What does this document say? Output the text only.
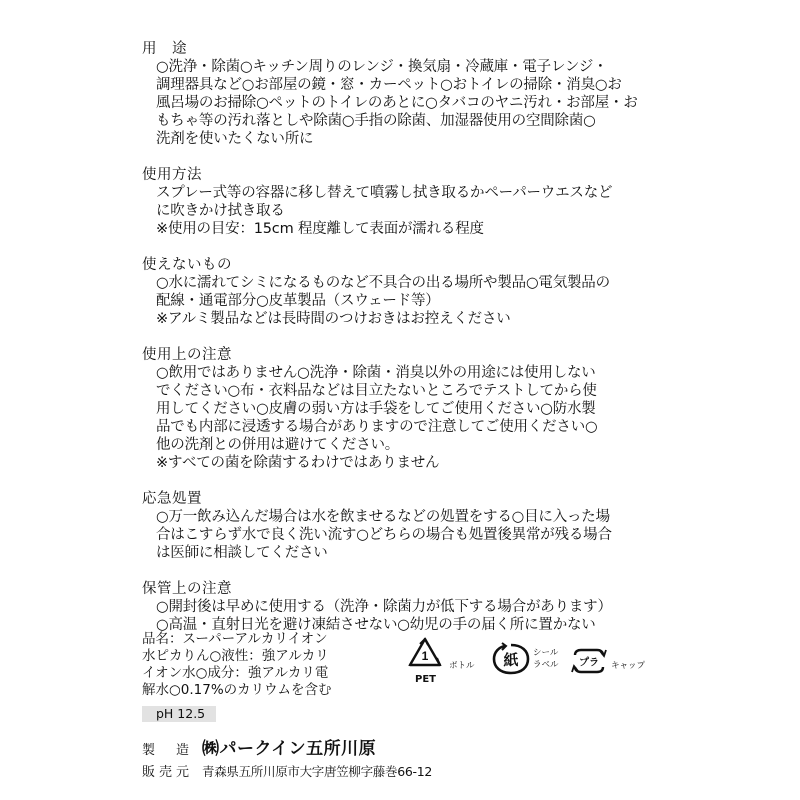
用　途
○洗浄・除菌○キッチン周りのレンジ・換気扇・冷蔵庫・電子レンジ・
調理器具など○お部屋の鏡・窓・カーペット○おトイレの掃除・消臭○お
風呂場のお掃除○ペットのトイレのあとに○タバコのヤニ汚れ・お部屋・お
もちゃ等の汚れ落としや除菌○手指の除菌、加湿器使用の空間除菌○
洗剤を使いたくない所に
使用方法
スプレー式等の容器に移し替えて噴霧し拭き取るかペーパーウエスなど
に吹きかけ拭き取る
※使用の目安：15cm 程度離して表面が濡れる程度
使えないもの
○水に濡れてシミになるものなど不具合の出る場所や製品○電気製品の
配線・通電部分○皮革製品（スウェード等）
※アルミ製品などは長時間のつけおきはお控えください
使用上の注意
○飲用ではありません○洗浄・除菌・消臭以外の用途には使用しない
でください○布・衣料品などは目立たないところでテストしてから使
用してください○皮膚の弱い方は手袋をしてご使用ください○防水製
品でも内部に浸透する場合がありますので注意してご使用ください○
他の洗剤との併用は避けてください。
※すべての菌を除菌するわけではありません
応急処置
○万一飲み込んだ場合は水を飲ませるなどの処置をする○目に入った場
合はこすらず水で良く洗い流す○どちらの場合も処置後異常が残る場合
は医師に相談してください
保管上の注意
○開封後は早めに使用する（洗浄・除菌力が低下する場合があります）
○高温・直射日光を避け凍結させない○幼児の手の届く所に置かない
品名：スーパーアルカリイオン
水ピカりん○液性：強アルカリ
イオン水○成分：強アルカリ電
解水○0.17%のカリウムを含む
pH 12.5
1
PET
ボトル 紙 シール
ラベル プラ キャップ
製　造 ㈱パークイン五所川原
販売元 青森県五所川原市大字唐笠柳字藤巻66-12
